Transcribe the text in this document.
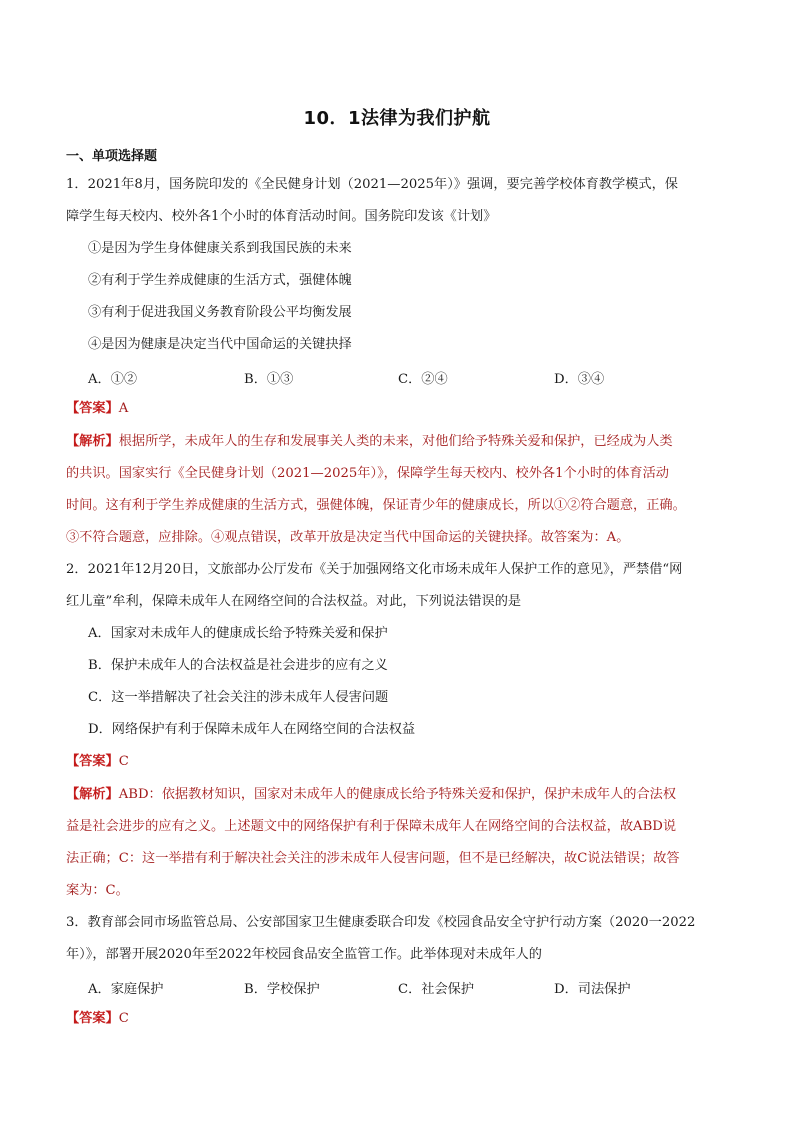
10．1法律为我们护航
一、单项选择题
1．2021年8月，国务院印发的《全民健身计划（2021—2025年）》强调，要完善学校体育教学模式，保
障学生每天校内、校外各1个小时的体育活动时间。国务院印发该《计划》
①是因为学生身体健康关系到我国民族的未来
②有利于学生养成健康的生活方式，强健体魄
③有利于促进我国义务教育阶段公平均衡发展
④是因为健康是决定当代中国命运的关键抉择
A．①②	B．①③	C．②④	D．③④
【答案】A
【解析】根据所学，未成年人的生存和发展事关人类的未来，对他们给予特殊关爱和保护，已经成为人类
的共识。国家实行《全民健身计划（2021—2025年）》，保障学生每天校内、校外各1个小时的体育活动
时间。这有利于学生养成健康的生活方式，强健体魄，保证青少年的健康成长，所以①②符合题意，正确。
③不符合题意，应排除。④观点错误，改革开放是决定当代中国命运的关键抉择。故答案为：A。
2．2021年12月20日，文旅部办公厅发布《关于加强网络文化市场未成年人保护工作的意见》，严禁借“网
红儿童”牟利，保障未成年人在网络空间的合法权益。对此，下列说法错误的是
A．国家对未成年人的健康成长给予特殊关爱和保护
B．保护未成年人的合法权益是社会进步的应有之义
C．这一举措解决了社会关注的涉未成年人侵害问题
D．网络保护有利于保障未成年人在网络空间的合法权益
【答案】C
【解析】ABD：依据教材知识，国家对未成年人的健康成长给予特殊关爱和保护，保护未成年人的合法权
益是社会进步的应有之义。上述题文中的网络保护有利于保障未成年人在网络空间的合法权益，故ABD说
法正确；C：这一举措有利于解决社会关注的涉未成年人侵害问题，但不是已经解决，故C说法错误；故答
案为：C。
3．教育部会同市场监管总局、公安部国家卫生健康委联合印发《校园食品安全守护行动方案（2020一2022
年）》，部署开展2020年至2022年校园食品安全监管工作。此举体现对未成年人的
A．家庭保护	B．学校保护	C．社会保护	D．司法保护
【答案】C
